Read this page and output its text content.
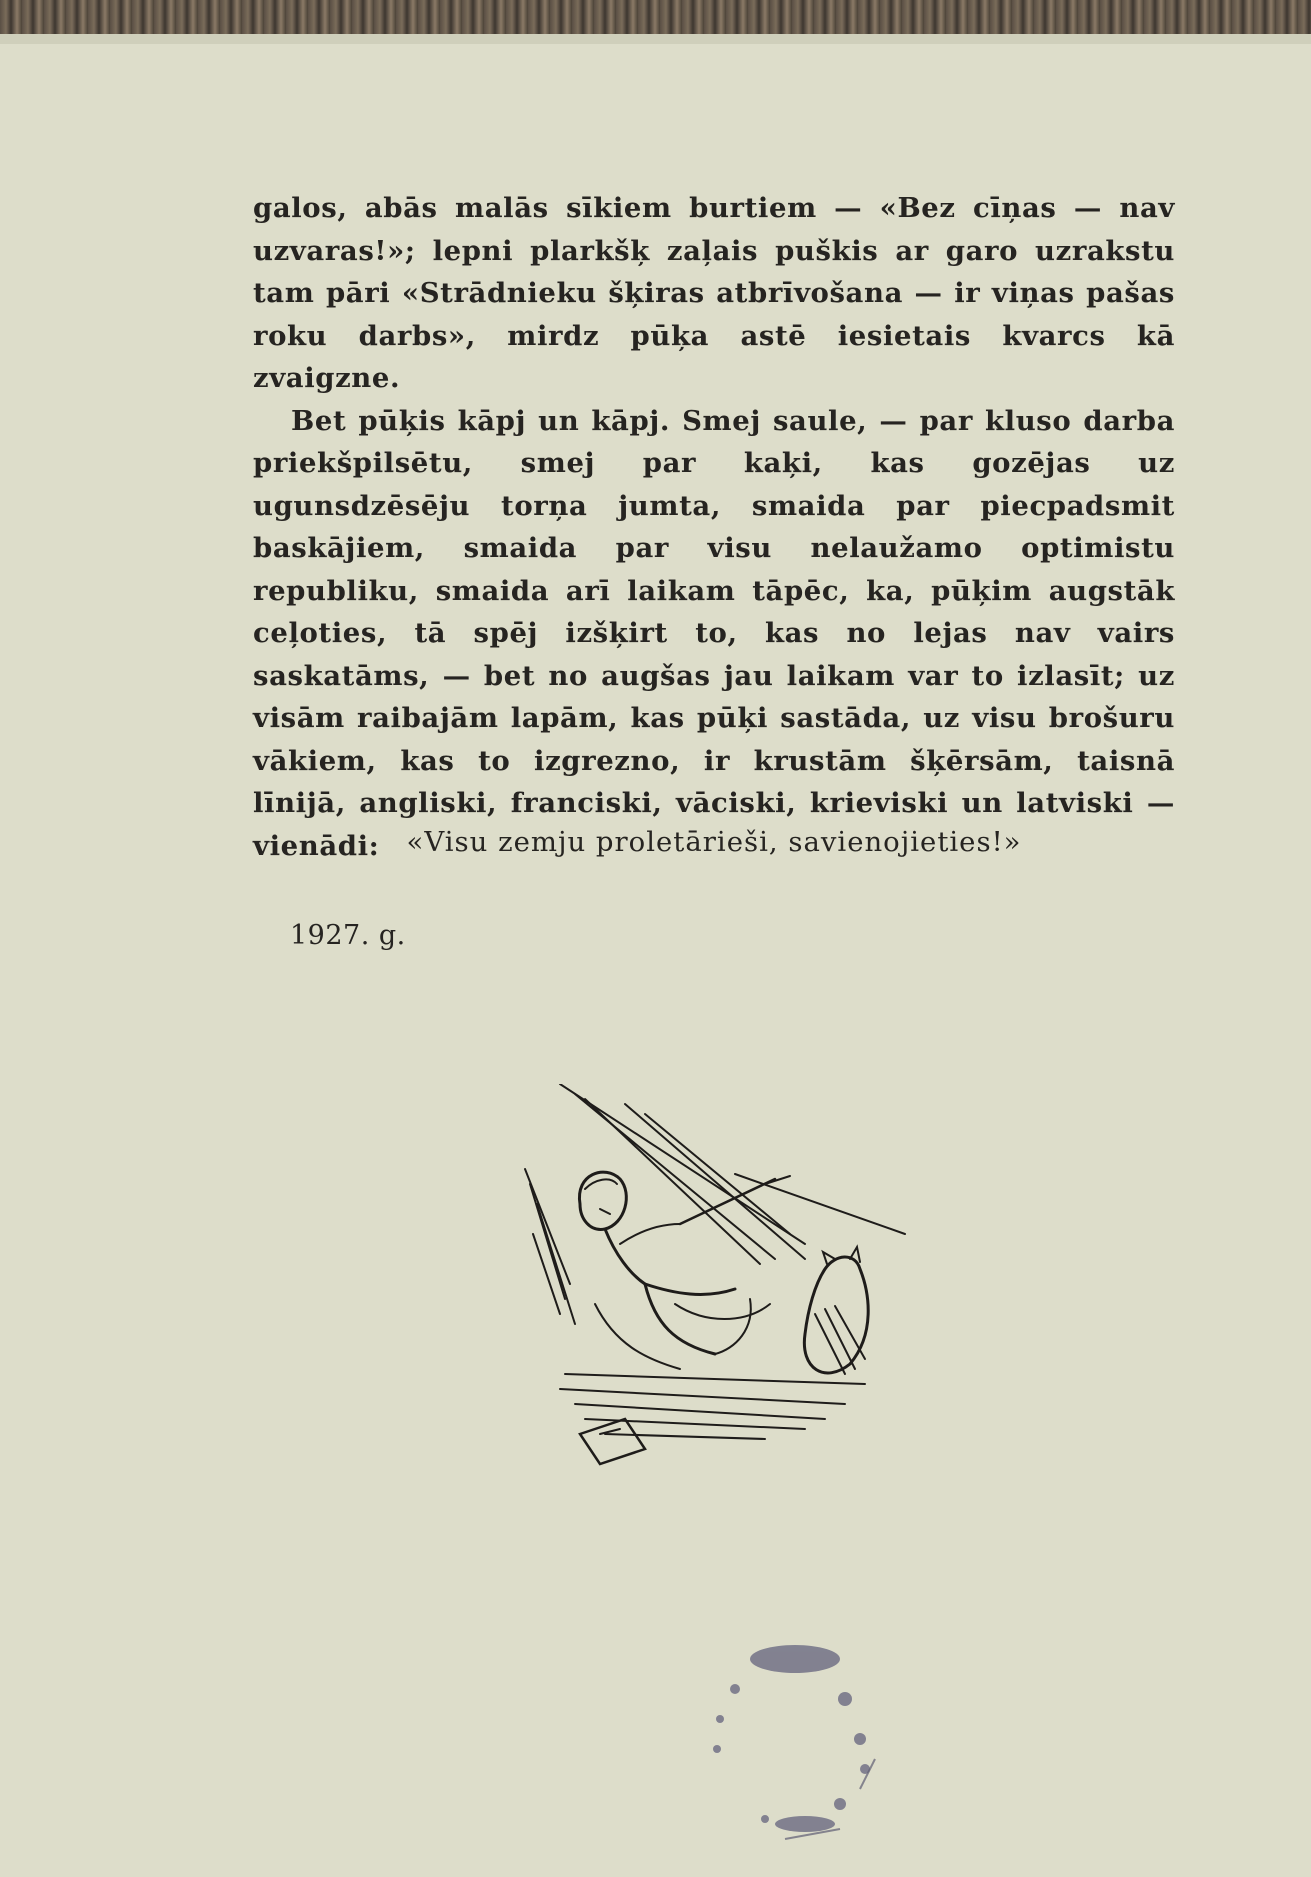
galos, abās malās sīkiem burtiem — «Bez cīņas — nav uzvaras!»; lepni plarkšķ zaļais puškis ar garo uzrakstu tam pāri «Strādnieku šķiras atbrīvošana — ir viņas pašas roku darbs», mirdz pūķa astē iesietais kvarcs kā zvaigzne.

Bet pūķis kāpj un kāpj. Smej saule, — par kluso darba priekšpilsētu, smej par kaķi, kas gozējas uz ugunsdzēsēju torņa jumta, smaida par piecpadsmit baskājiem, smaida par visu nelaužamo optimistu republiku, smaida arī laikam tāpēc, ka, pūķim augstāk ceļoties, tā spēj izšķirt to, kas no lejas nav vairs saskatāms, — bet no augšas jau laikam var to izlasīt; uz visām raibajām lapām, kas pūķi sastāda, uz visu brošuru vākiem, kas to izgrezno, ir krustām šķērsām, taisnā līnijā, angliski, franciski, vāciski, krieviski un latviski — vienādi: «Visu zemju proletārieši, savienojieties!»
1927. g.
